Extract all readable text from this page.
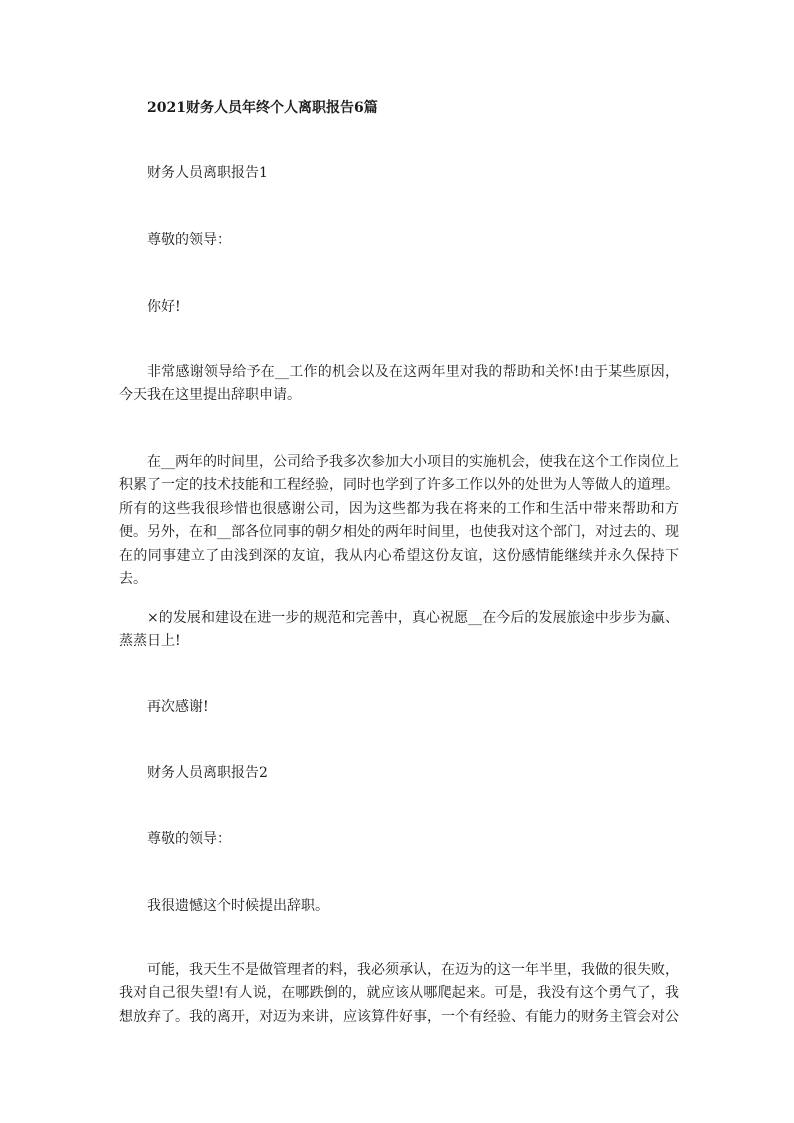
2021财务人员年终个人离职报告6篇
财务人员离职报告1
尊敬的领导：
你好!

非常感谢领导给予在__工作的机会以及在这两年里对我的帮助和关怀!由于某些原因，今天我在这里提出辞职申请。

在__两年的时间里，公司给予我多次参加大小项目的实施机会，使我在这个工作岗位上积累了一定的技术技能和工程经验，同时也学到了许多工作以外的处世为人等做人的道理。所有的这些我很珍惜也很感谢公司，因为这些都为我在将来的工作和生活中带来帮助和方便。另外，在和__部各位同事的朝夕相处的两年时间里，也使我对这个部门，对过去的、现在的同事建立了由浅到深的友谊，我从内心希望这份友谊，这份感情能继续并永久保持下去。

×的发展和建设在进一步的规范和完善中，真心祝愿__在今后的发展旅途中步步为赢、蒸蒸日上!

再次感谢!
财务人员离职报告2
尊敬的领导：
我很遗憾这个时候提出辞职。

可能，我天生不是做管理者的料，我必须承认，在迈为的这一年半里，我做的很失败，我对自己很失望!有人说，在哪跌倒的，就应该从哪爬起来。可是，我没有这个勇气了，我想放弃了。我的离开，对迈为来讲，应该算件好事，一个有经验、有能力的财务主管会对公
